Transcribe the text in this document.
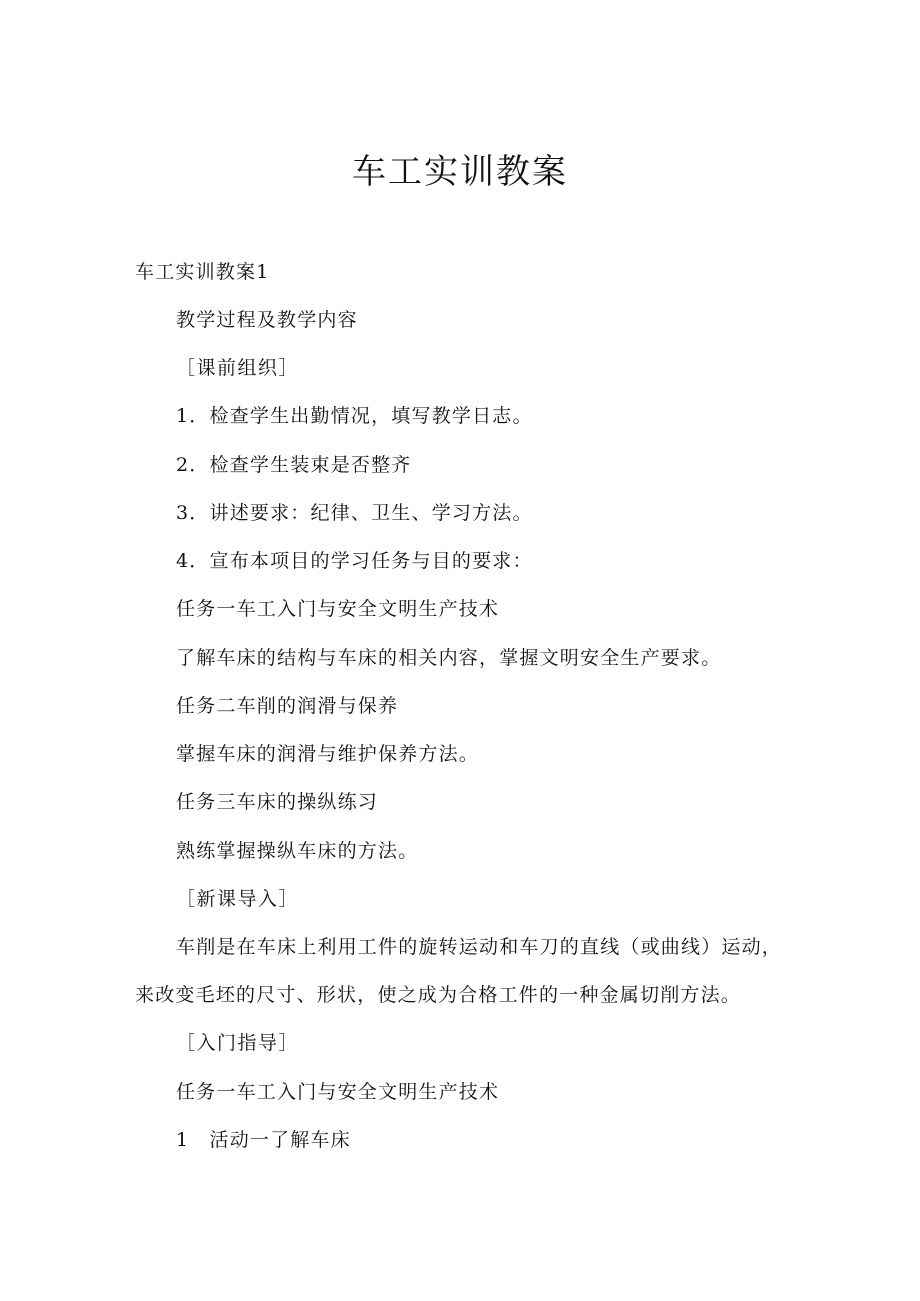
车工实训教案
车工实训教案1
教学过程及教学内容
［课前组织］
1．检查学生出勤情况，填写教学日志。
2．检查学生装束是否整齐
3．讲述要求：纪律、卫生、学习方法。
4．宣布本项目的学习任务与目的要求：
任务一车工入门与安全文明生产技术
了解车床的结构与车床的相关内容，掌握文明安全生产要求。
任务二车削的润滑与保养
掌握车床的润滑与维护保养方法。
任务三车床的操纵练习
熟练掌握操纵车床的方法。
［新课导入］
车削是在车床上利用工件的旋转运动和车刀的直线（或曲线）运动，
来改变毛坯的尺寸、形状，使之成为合格工件的一种金属切削方法。
［入门指导］
任务一车工入门与安全文明生产技术
1　活动一了解车床
